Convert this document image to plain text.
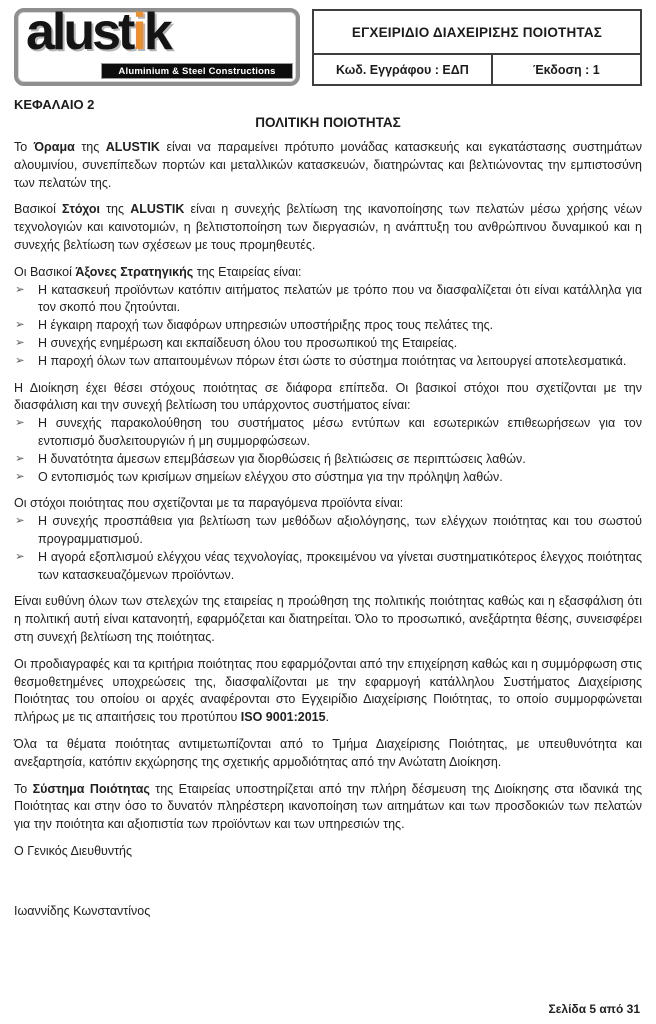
alustik
Aluminium & Steel Constructions
ΕΓΧΕΙΡΙΔΙΟ ΔΙΑΧΕΙΡΙΣΗΣ ΠΟΙΟΤΗΤΑΣ
Κωδ. Εγγράφου : ΕΔΠ	Έκδοση : 1
ΚΕΦΑΛΑΙΟ 2
ΠΟΛΙΤΙΚΗ ΠΟΙΟΤΗΤΑΣ

Το Όραμα της ALUSTIK είναι να παραμείνει πρότυπο μονάδας κατασκευής και εγκατάστασης συστημάτων αλουμινίου, συνεπίπεδων πορτών και μεταλλικών κατασκευών, διατηρώντας και βελτιώνοντας την εμπιστοσύνη των πελατών της.

Βασικοί Στόχοι της ALUSTIK είναι η συνεχής βελτίωση της ικανοποίησης των πελατών μέσω χρήσης νέων τεχνολογιών και καινοτομιών, η βελτιστοποίηση των διεργασιών, η ανάπτυξη του ανθρώπινου δυναμικού και η συνεχής βελτίωση των σχέσεων με τους προμηθευτές.

Οι Βασικοί Άξονες Στρατηγικής της Εταιρείας είναι:

➢	Η κατασκευή προϊόντων κατόπιν αιτήματος πελατών με τρόπο που να διασφαλίζεται ότι είναι κατάλληλα για τον σκοπό που ζητούνται.
➢	Η έγκαιρη παροχή των διαφόρων υπηρεσιών υποστήριξης προς τους πελάτες της.
➢	Η συνεχής ενημέρωση και εκπαίδευση όλου του προσωπικού της Εταιρείας.
➢	Η παροχή όλων των απαιτουμένων πόρων έτσι ώστε το σύστημα ποιότητας να λειτουργεί αποτελεσματικά.

Η Διοίκηση έχει θέσει στόχους ποιότητας σε διάφορα επίπεδα. Οι βασικοί στόχοι που σχετίζονται με την διασφάλιση και την συνεχή βελτίωση του υπάρχοντος συστήματος είναι:

➢	Η συνεχής παρακολούθηση του συστήματος μέσω εντύπων και εσωτερικών επιθεωρήσεων για τον εντοπισμό δυσλειτουργιών ή μη συμμορφώσεων.
➢	Η δυνατότητα άμεσων επεμβάσεων για διορθώσεις ή βελτιώσεις σε περιπτώσεις λαθών.
➢	Ο εντοπισμός των κρισίμων σημείων ελέγχου στο σύστημα για την πρόληψη λαθών.

Οι στόχοι ποιότητας που σχετίζονται με τα παραγόμενα προϊόντα είναι:

➢	Η συνεχής προσπάθεια για βελτίωση των μεθόδων αξιολόγησης, των ελέγχων ποιότητας και του σωστού προγραμματισμού.
➢	Η αγορά εξοπλισμού ελέγχου νέας τεχνολογίας, προκειμένου να γίνεται συστηματικότερος έλεγχος ποιότητας των κατασκευαζόμενων προϊόντων.

Είναι ευθύνη όλων των στελεχών της εταιρείας η προώθηση της πολιτικής ποιότητας καθώς και η εξασφάλιση ότι η πολιτική αυτή είναι κατανοητή, εφαρμόζεται και διατηρείται. Όλο το προσωπικό, ανεξάρτητα θέσης, συνεισφέρει στη συνεχή βελτίωση της ποιότητας.

Οι προδιαγραφές και τα κριτήρια ποιότητας που εφαρμόζονται από την επιχείρηση καθώς και η συμμόρφωση στις θεσμοθετημένες υποχρεώσεις της, διασφαλίζονται με την εφαρμογή κατάλληλου Συστήματος Διαχείρισης Ποιότητας του οποίου οι αρχές αναφέρονται στο Εγχειρίδιο Διαχείρισης Ποιότητας, το οποίο συμμορφώνεται πλήρως με τις απαιτήσεις του προτύπου ISO 9001:2015.

Όλα τα θέματα ποιότητας αντιμετωπίζονται από το Τμήμα Διαχείρισης Ποιότητας, με υπευθυνότητα και ανεξαρτησία, κατόπιν εκχώρησης της σχετικής αρμοδιότητας από την Ανώτατη Διοίκηση.

Το Σύστημα Ποιότητας της Εταιρείας υποστηρίζεται από την πλήρη δέσμευση της Διοίκησης στα ιδανικά της Ποιότητας και στην όσο το δυνατόν πληρέστερη ικανοποίηση των αιτημάτων και των προσδοκιών των πελατών για την ποιότητα και αξιοπιστία των προϊόντων και των υπηρεσιών της.

Ο Γενικός Διευθυντής

Ιωαννίδης Κωνσταντίνος

Σελίδα 5 από 31
